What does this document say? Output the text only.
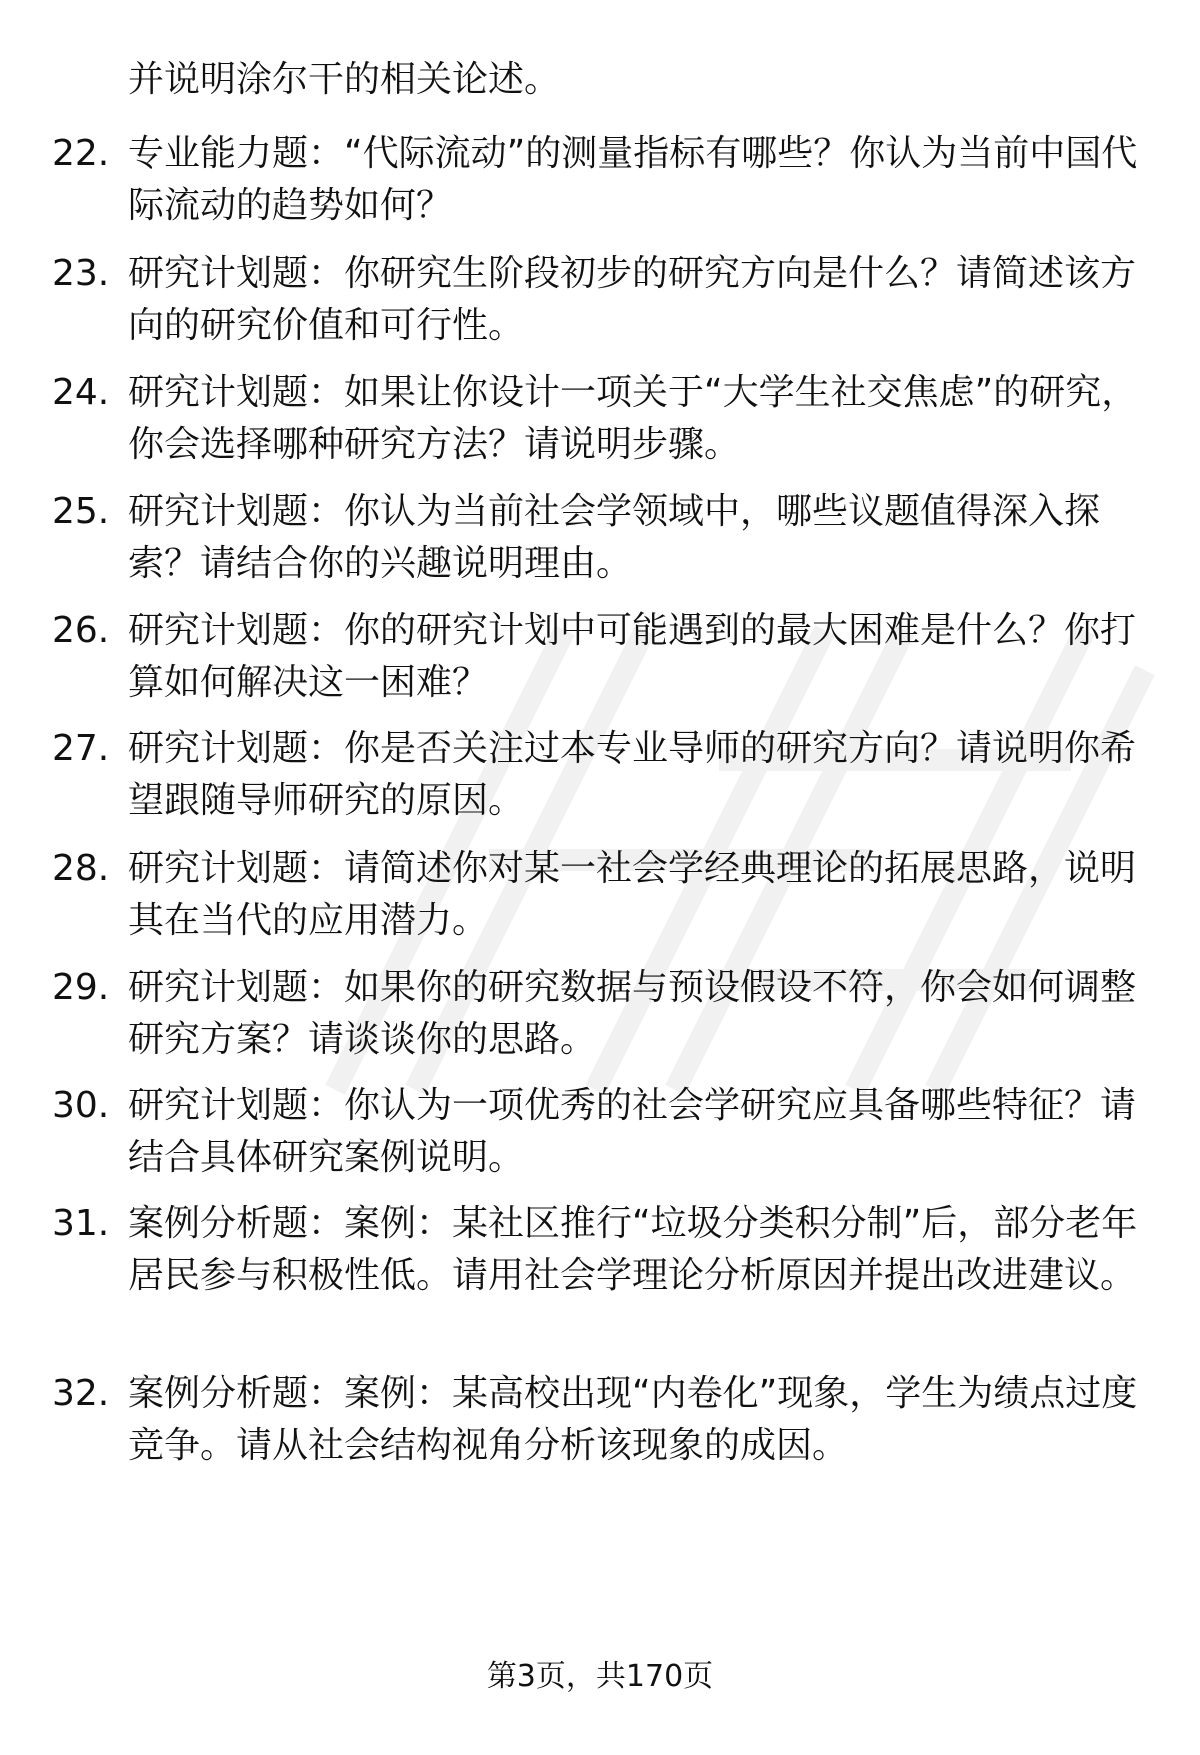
并说明涂尔干的相关论述。
22. 专业能力题：“代际流动”的测量指标有哪些？你认为当前中国代际流动的趋势如何？
23. 研究计划题：你研究生阶段初步的研究方向是什么？请简述该方向的研究价值和可行性。
24. 研究计划题：如果让你设计一项关于“大学生社交焦虑”的研究，你会选择哪种研究方法？请说明步骤。
25. 研究计划题：你认为当前社会学领域中，哪些议题值得深入探索？请结合你的兴趣说明理由。
26. 研究计划题：你的研究计划中可能遇到的最大困难是什么？你打算如何解决这一困难？
27. 研究计划题：你是否关注过本专业导师的研究方向？请说明你希望跟随导师研究的原因。
28. 研究计划题：请简述你对某一社会学经典理论的拓展思路，说明其在当代的应用潜力。
29. 研究计划题：如果你的研究数据与预设假设不符，你会如何调整研究方案？请谈谈你的思路。
30. 研究计划题：你认为一项优秀的社会学研究应具备哪些特征？请结合具体研究案例说明。
31. 案例分析题：案例：某社区推行“垃圾分类积分制”后，部分老年居民参与积极性低。请用社会学理论分析原因并提出改进建议。
32. 案例分析题：案例：某高校出现“内卷化”现象，学生为绩点过度竞争。请从社会结构视角分析该现象的成因。
第3页，共170页
